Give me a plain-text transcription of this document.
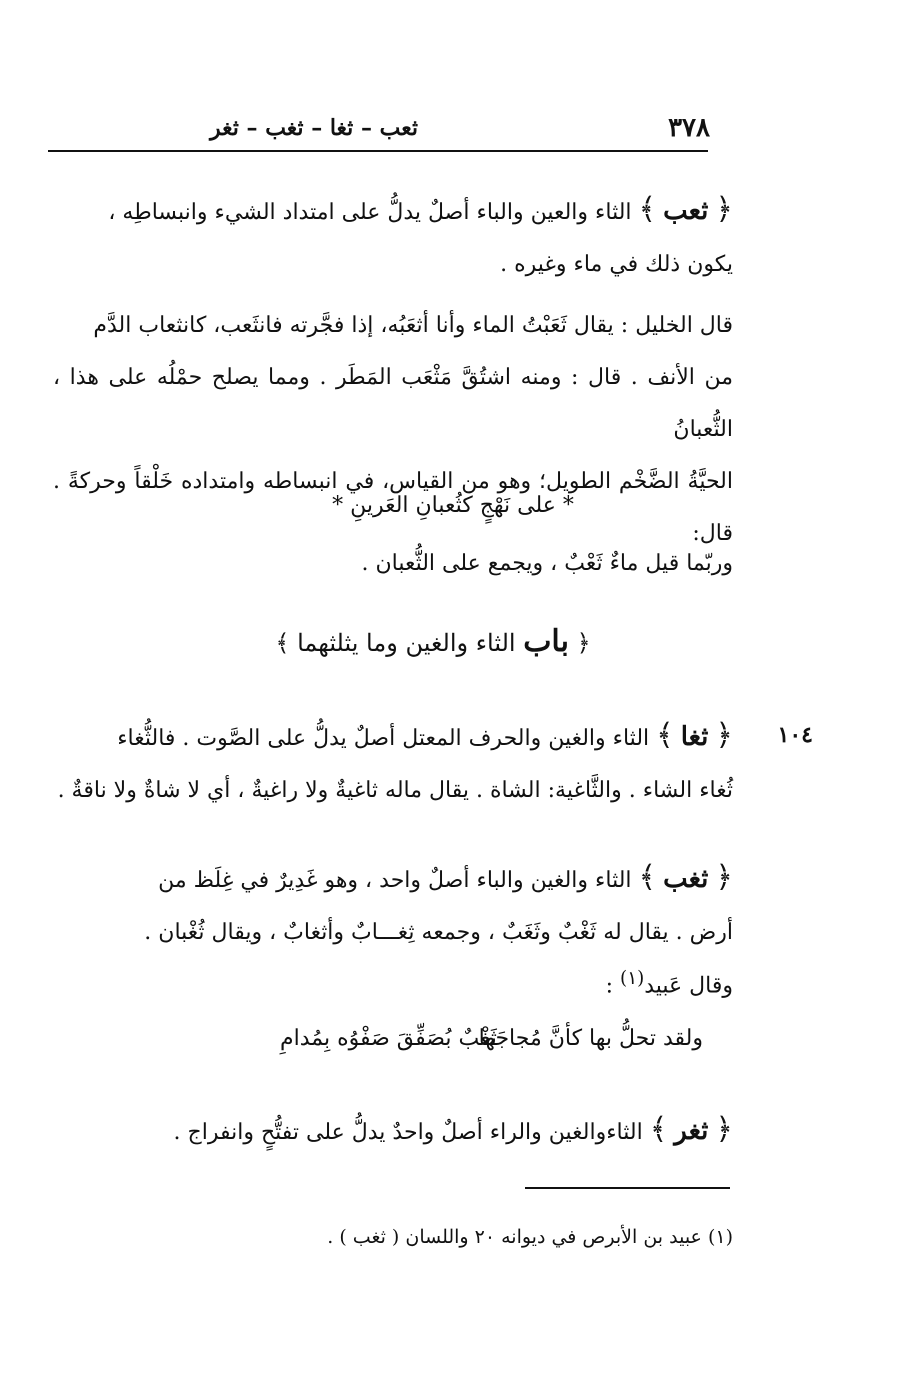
٣٧٨
ثعب – ثغا – ثغب – ثغر
﴿ ثعب ﴾ الثاء والعين والباء أصلٌ يدلُّ على امتداد الشيء وانبساطِه ،
يكون ذلك في ماء وغيره .
قال الخليل : يقال ثَعَبْتُ الماء وأنا أثعَبُه، إذا فجَّرته فانثَعب، كانثعاب الدَّم
من الأنف . قال : ومنه اشتُقَّ مَثْعَب المَطَر . ومما يصلح حمْلُه على هذا ، الثُّعبانُ
الحيَّةُ الضَّخْم الطويل؛ وهو من القياس، في انبساطه وامتداده خَلْقاً وحركةً . قال:
* على نَهْجٍ كثُعبانِ العَرينِ *
وربّما قيل ماءٌ ثَعْبٌ ، ويجمع على الثُّعبان .
﴿ باب الثاء والغين وما يثلثهما ﴾
١٠٤
﴿ ثغا ﴾ الثاء والغين والحرف المعتل أصلٌ يدلُّ على الصَّوت . فالثُّغاء
ثُغاء الشاء . والثَّاغية: الشاة . يقال ماله ثاغيةٌ ولا راغيةٌ ، أي لا شاةٌ ولا ناقةٌ .
﴿ ثغب ﴾ الثاء والغين والباء أصلٌ واحد ، وهو غَدِيرٌ في غِلَظ من
أرض . يقال له ثَغْبٌ وثَغَبٌ ، وجمعه ثِغـــابٌ وأثغابٌ ، ويقال ثُغْبان .
وقال عَبيد$^{(١)}$ :
ولقد تحلُّ بها كأنَّ مُجاجَها
ثَغْبٌ بُصَفِّقَ صَفْوُه بِمُدامِ
﴿ ثغر ﴾ الثاءوالغين والراء أصلٌ واحدٌ يدلُّ على تفتُّحٍ وانفراج .
(١) عبيد بن الأبرص في ديوانه ٢٠ واللسان ( ثغب ) .
